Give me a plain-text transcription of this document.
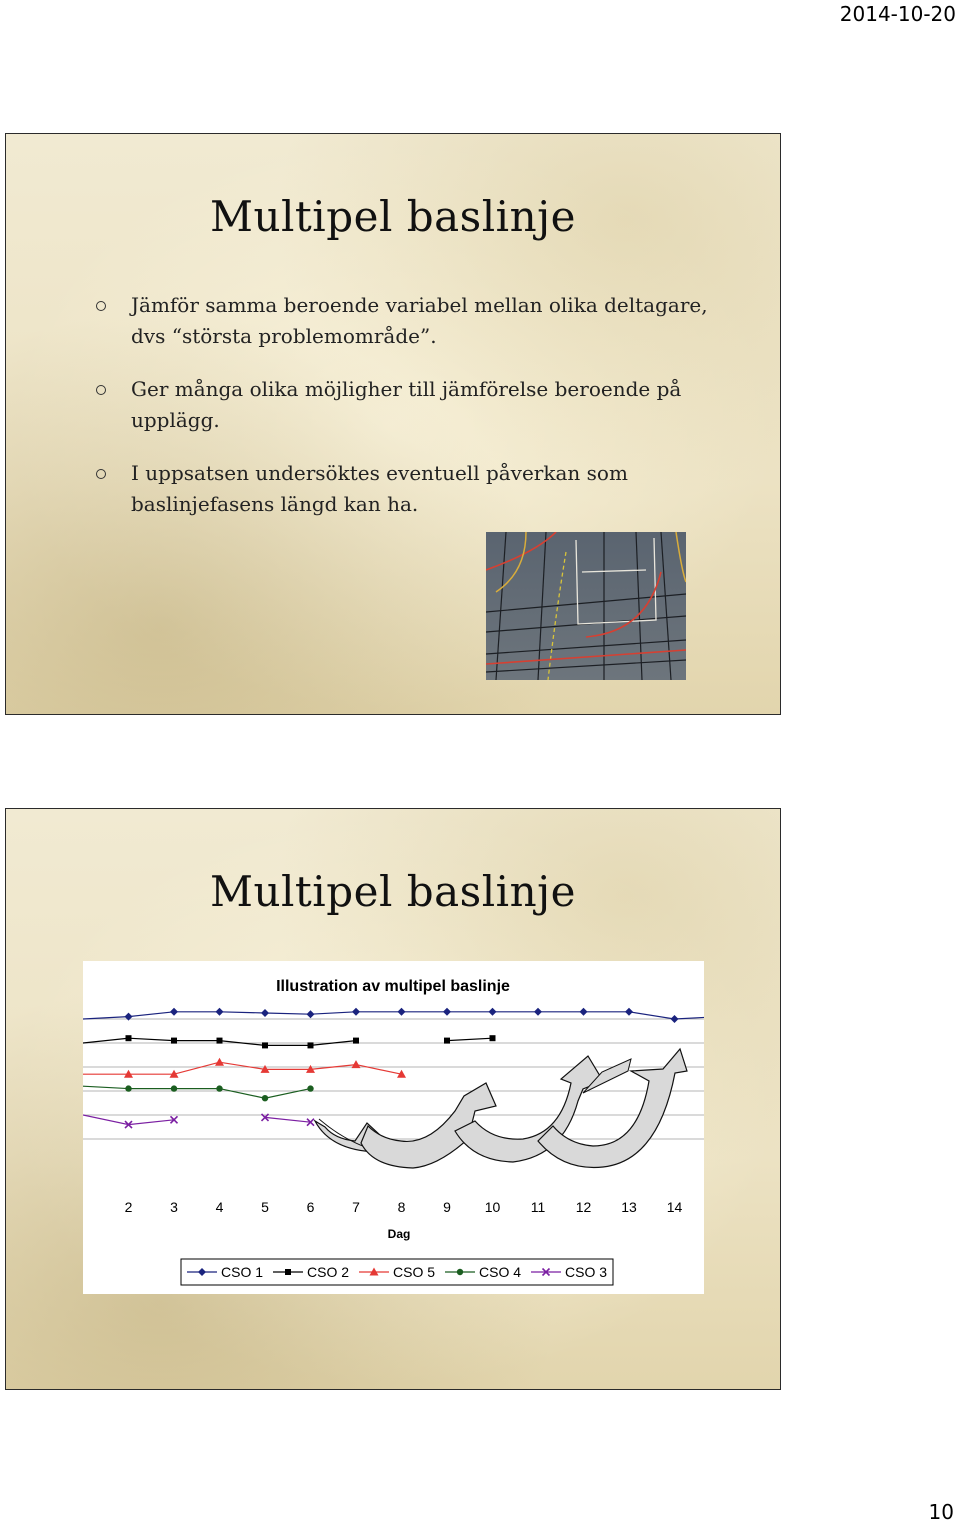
2014-10-20
Multipel baslinje
Jämför samma beroende variabel mellan olika deltagare, dvs “största problemområde”.
Ger många olika möjligher till jämförelse beroende på upplägg.
I uppsatsen undersöktes eventuell påverkan som baslinjefasens längd kan ha.
Multipel baslinje
Illustration av multipel baslinje
2	3	4	5	6	7	8	9 10 11 12 13 14
Dag
CSO 1	CSO 2	CSO 5	CSO 4	CSO 3
10
